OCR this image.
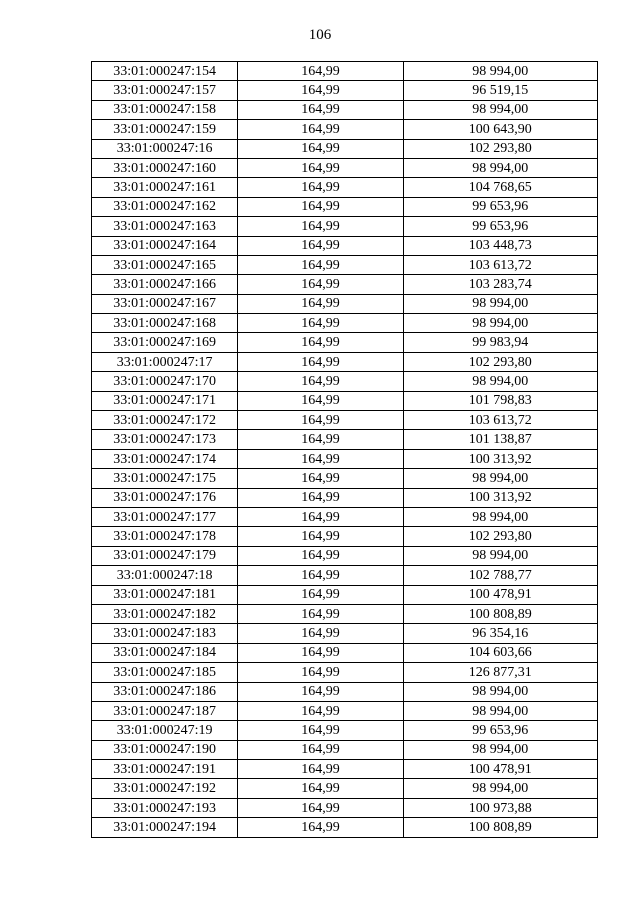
106
33:01:000247:154	164,99	98 994,00
33:01:000247:157	164,99	96 519,15
33:01:000247:158	164,99	98 994,00
33:01:000247:159	164,99	100 643,90
33:01:000247:16	164,99	102 293,80
33:01:000247:160	164,99	98 994,00
33:01:000247:161	164,99	104 768,65
33:01:000247:162	164,99	99 653,96
33:01:000247:163	164,99	99 653,96
33:01:000247:164	164,99	103 448,73
33:01:000247:165	164,99	103 613,72
33:01:000247:166	164,99	103 283,74
33:01:000247:167	164,99	98 994,00
33:01:000247:168	164,99	98 994,00
33:01:000247:169	164,99	99 983,94
33:01:000247:17	164,99	102 293,80
33:01:000247:170	164,99	98 994,00
33:01:000247:171	164,99	101 798,83
33:01:000247:172	164,99	103 613,72
33:01:000247:173	164,99	101 138,87
33:01:000247:174	164,99	100 313,92
33:01:000247:175	164,99	98 994,00
33:01:000247:176	164,99	100 313,92
33:01:000247:177	164,99	98 994,00
33:01:000247:178	164,99	102 293,80
33:01:000247:179	164,99	98 994,00
33:01:000247:18	164,99	102 788,77
33:01:000247:181	164,99	100 478,91
33:01:000247:182	164,99	100 808,89
33:01:000247:183	164,99	96 354,16
33:01:000247:184	164,99	104 603,66
33:01:000247:185	164,99	126 877,31
33:01:000247:186	164,99	98 994,00
33:01:000247:187	164,99	98 994,00
33:01:000247:19	164,99	99 653,96
33:01:000247:190	164,99	98 994,00
33:01:000247:191	164,99	100 478,91
33:01:000247:192	164,99	98 994,00
33:01:000247:193	164,99	100 973,88
33:01:000247:194	164,99	100 808,89
